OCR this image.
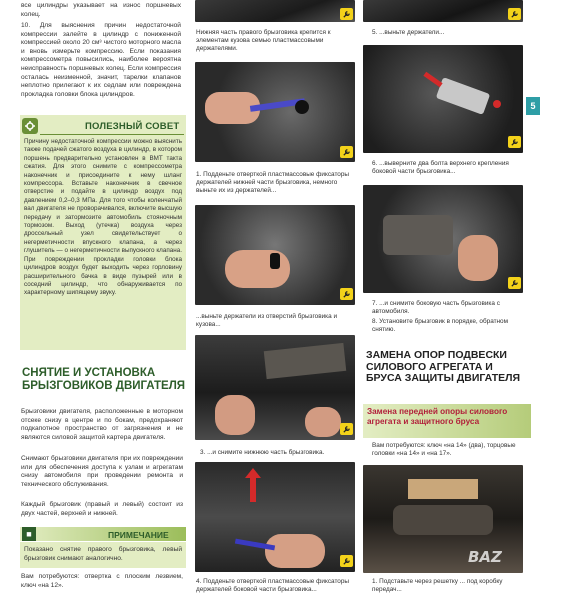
все цилиндры указывает на износ поршневых колец.
10. Для выяснения причин недостаточной компрессии залейте в цилиндр с пониженной компрессией около 20 см³ чистого моторного масла и вновь измерьте компрессию. Если показания компрессометра повысились, наиболее вероятна неисправность поршневых колец. Если компрессия осталась неизменной, значит, тарелки клапанов неплотно прилегают к их седлам или повреждена прокладка головки блока цилиндров.
ПОЛЕЗНЫЙ СОВЕТ
Причину недостаточной компрессии можно выяснить также подачей сжатого воздуха в цилиндр, в котором поршень предварительно установлен в ВМТ такта сжатия. Для этого снимите с компрессометра наконечник и присоедините к нему шланг компрессора. Вставьте наконечник в свечное отверстие и подайте в цилиндр воздух под давлением 0,2–0,3 МПа. Для того чтобы коленчатый вал двигателя не проворачивался, включите высшую передачу и затормозите автомобиль стояночным тормозом. Выход (утечка) воздуха через дроссельный узел свидетельствует о негерметичности впускного клапана, а через глушитель — о негерметичности выпускного клапана. При повреждении прокладки головки блока цилиндров воздух будет выходить через горловину расширительного бачка в виде пузырей или в соседний цилиндр, что обнаруживается по характерному шипящему звуку.
СНЯТИЕ И УСТАНОВКА БРЫЗГОВИКОВ ДВИГАТЕЛЯ
Брызговики двигателя, расположенные в моторном отсеке снизу в центре и по бокам, предохраняют подкапотное пространство от загрязнения и не являются силовой защитой картера двигателя.
Снимают брызговики двигателя при их повреждении или для обеспечения доступа к узлам и агрегатам снизу автомобиля при проведении ремонта и технического обслуживания.
Каждый брызговик (правый и левый) состоит из двух частей, верхней и нижней.
■	ПРИМЕЧАНИЕ
Показано снятие правого брызговика, левый брызговик снимают аналогично.
Вам потребуются: отвертка с плоским лезвием, ключ «на 12».
Нижняя часть правого брызговика крепится к элементам кузова семью пластмассовыми держателями.
1. Подденьте отверткой пластмассовые фиксаторы держателей нижней части брызговика, немного выньте их из держателей...
...выньте держатели из отверстий брызговика и кузова...
3. ...и снимите нижнюю часть брызговика.
4. Подденьте отверткой пластмассовые фиксаторы держателей боковой части брызговика...
5. ...выньте держатели...
6. ...выверните два болта верхнего крепления боковой части брызговика...
7. ...и снимите боковую часть брызговика с автомобиля.
8. Установите брызговик в порядке, обратном снятию.
ЗАМЕНА ОПОР ПОДВЕСКИ СИЛОВОГО АГРЕГАТА И БРУСА ЗАЩИТЫ ДВИГАТЕЛЯ
Замена передней опоры силового агрегата и защитного бруса
Вам потребуются: ключ «на 14» (два), торцовые головки «на 14» и «на 17».
BAZ
1. Подставьте через решетку ... под коробку передач...
5
